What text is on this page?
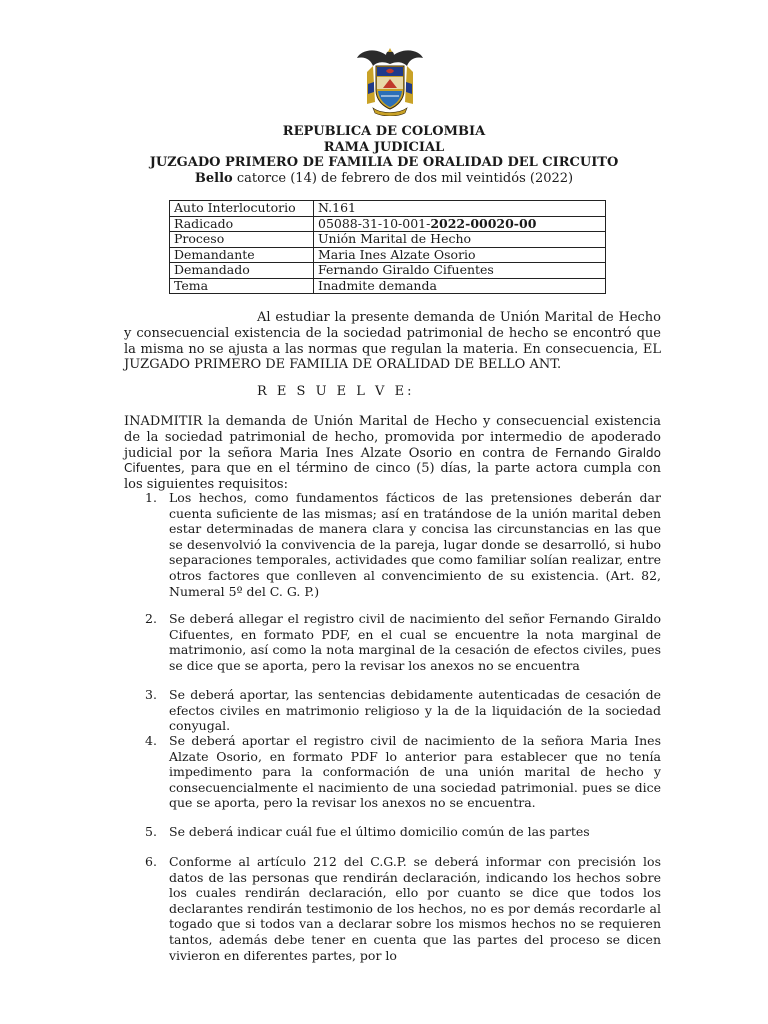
REPUBLICA DE COLOMBIA
RAMA JUDICIAL
JUZGADO PRIMERO DE FAMILIA DE ORALIDAD DEL CIRCUITO
Bello catorce (14) de febrero de dos mil veintidós (2022)
Auto Interlocutorio	N.161
Radicado	05088-31-10-001-2022-00020-00
Proceso	Unión Marital de Hecho
Demandante	Maria Ines Alzate Osorio
Demandado	Fernando Giraldo Cifuentes
Tema	Inadmite demanda

Al estudiar la presente demanda de Unión Marital de Hecho y consecuencial existencia de la sociedad patrimonial de hecho se encontró que la misma no se ajusta a las normas que regulan la materia. En consecuencia, EL JUZGADO PRIMERO DE FAMILIA DE ORALIDAD DE BELLO ANT.

R E S U E L V E:

INADMITIR la demanda de Unión Marital de Hecho y consecuencial existencia de la sociedad patrimonial de hecho, promovida por intermedio de apoderado judicial por la señora Maria Ines Alzate Osorio en contra de Fernando Giraldo Cifuentes, para que en el término de cinco (5) días, la parte actora cumpla con los siguientes requisitos:

1. Los hechos, como fundamentos fácticos de las pretensiones deberán dar cuenta suficiente de las mismas; así en tratándose de la unión marital deben estar determinadas de manera clara y concisa las circunstancias en las que se desenvolvió la convivencia de la pareja, lugar donde se desarrolló, si hubo separaciones temporales, actividades que como familiar solían realizar, entre otros factores que conlleven al convencimiento de su existencia. (Art. 82, Numeral 5º del C. G. P.)
2. Se deberá allegar el registro civil de nacimiento del señor Fernando Giraldo Cifuentes, en formato PDF, en el cual se encuentre la nota marginal de matrimonio, así como la nota marginal de la cesación de efectos civiles, pues se dice que se aporta, pero la revisar los anexos no se encuentra
3. Se deberá aportar, las sentencias debidamente autenticadas de cesación de efectos civiles en matrimonio religioso y la de la liquidación de la sociedad conyugal.
4. Se deberá aportar el registro civil de nacimiento de la señora Maria Ines Alzate Osorio, en formato PDF lo anterior para establecer que no tenía impedimento para la conformación de una unión marital de hecho y consecuencialmente el nacimiento de una sociedad patrimonial. pues se dice que se aporta, pero la revisar los anexos no se encuentra.
5. Se deberá indicar cuál fue el último domicilio común de las partes
6. Conforme al artículo 212 del C.G.P. se deberá informar con precisión los datos de las personas que rendirán declaración, indicando los hechos sobre los cuales rendirán declaración, ello por cuanto se dice que todos los declarantes rendirán testimonio de los hechos, no es por demás recordarle al togado que si todos van a declarar sobre los mismos hechos no se requieren tantos, además debe tener en cuenta que las partes del proceso se dicen vivieron en diferentes partes, por lo
